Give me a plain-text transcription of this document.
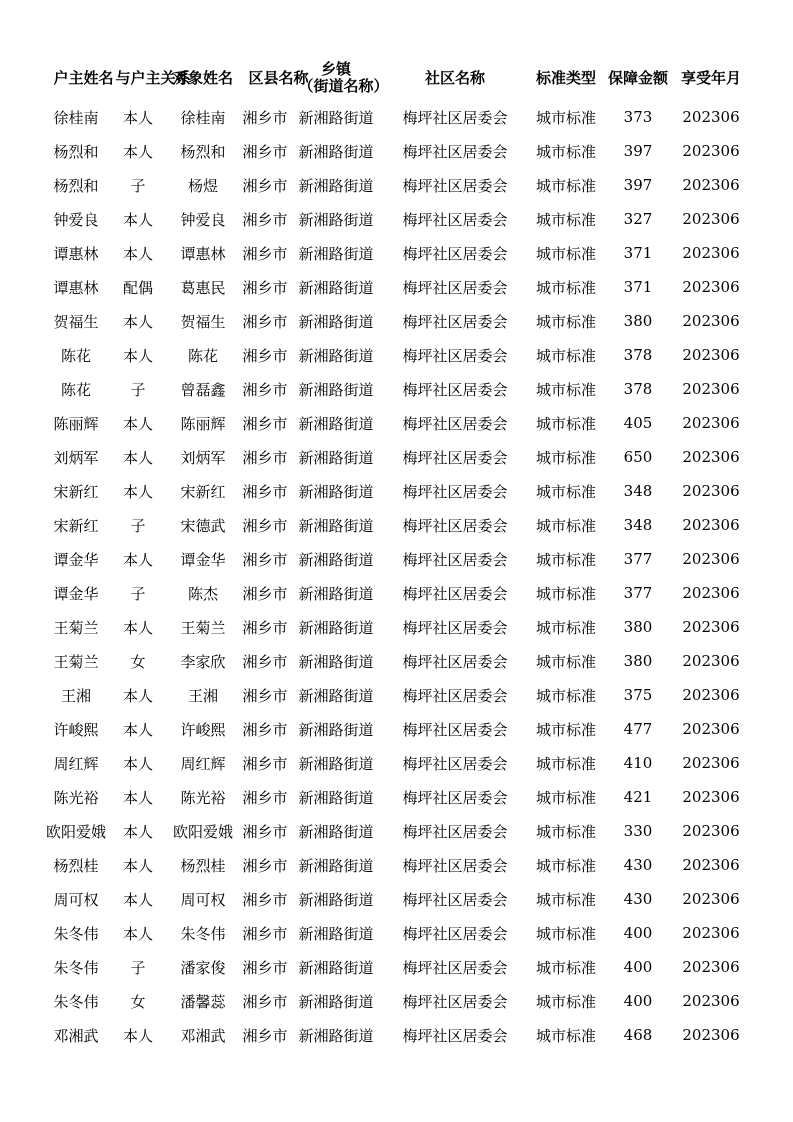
户主姓名	与户主关系	对象姓名	区县名称	乡镇（街道名称）	社区名称	标准类型	保障金额	享受年月
徐桂南	本人	徐桂南	湘乡市	新湘路街道	梅坪社区居委会	城市标准	373	202306
杨烈和	本人	杨烈和	湘乡市	新湘路街道	梅坪社区居委会	城市标准	397	202306
杨烈和	子	杨煜	湘乡市	新湘路街道	梅坪社区居委会	城市标准	397	202306
钟爱良	本人	钟爱良	湘乡市	新湘路街道	梅坪社区居委会	城市标准	327	202306
谭惠林	本人	谭惠林	湘乡市	新湘路街道	梅坪社区居委会	城市标准	371	202306
谭惠林	配偶	葛惠民	湘乡市	新湘路街道	梅坪社区居委会	城市标准	371	202306
贺福生	本人	贺福生	湘乡市	新湘路街道	梅坪社区居委会	城市标准	380	202306
陈花	本人	陈花	湘乡市	新湘路街道	梅坪社区居委会	城市标准	378	202306
陈花	子	曾磊鑫	湘乡市	新湘路街道	梅坪社区居委会	城市标准	378	202306
陈丽辉	本人	陈丽辉	湘乡市	新湘路街道	梅坪社区居委会	城市标准	405	202306
刘炳军	本人	刘炳军	湘乡市	新湘路街道	梅坪社区居委会	城市标准	650	202306
宋新红	本人	宋新红	湘乡市	新湘路街道	梅坪社区居委会	城市标准	348	202306
宋新红	子	宋德武	湘乡市	新湘路街道	梅坪社区居委会	城市标准	348	202306
谭金华	本人	谭金华	湘乡市	新湘路街道	梅坪社区居委会	城市标准	377	202306
谭金华	子	陈杰	湘乡市	新湘路街道	梅坪社区居委会	城市标准	377	202306
王菊兰	本人	王菊兰	湘乡市	新湘路街道	梅坪社区居委会	城市标准	380	202306
王菊兰	女	李家欣	湘乡市	新湘路街道	梅坪社区居委会	城市标准	380	202306
王湘	本人	王湘	湘乡市	新湘路街道	梅坪社区居委会	城市标准	375	202306
许峻熙	本人	许峻熙	湘乡市	新湘路街道	梅坪社区居委会	城市标准	477	202306
周红辉	本人	周红辉	湘乡市	新湘路街道	梅坪社区居委会	城市标准	410	202306
陈光裕	本人	陈光裕	湘乡市	新湘路街道	梅坪社区居委会	城市标准	421	202306
欧阳爱娥	本人	欧阳爱娥	湘乡市	新湘路街道	梅坪社区居委会	城市标准	330	202306
杨烈桂	本人	杨烈桂	湘乡市	新湘路街道	梅坪社区居委会	城市标准	430	202306
周可权	本人	周可权	湘乡市	新湘路街道	梅坪社区居委会	城市标准	430	202306
朱冬伟	本人	朱冬伟	湘乡市	新湘路街道	梅坪社区居委会	城市标准	400	202306
朱冬伟	子	潘家俊	湘乡市	新湘路街道	梅坪社区居委会	城市标准	400	202306
朱冬伟	女	潘馨蕊	湘乡市	新湘路街道	梅坪社区居委会	城市标准	400	202306
邓湘武	本人	邓湘武	湘乡市	新湘路街道	梅坪社区居委会	城市标准	468	202306
